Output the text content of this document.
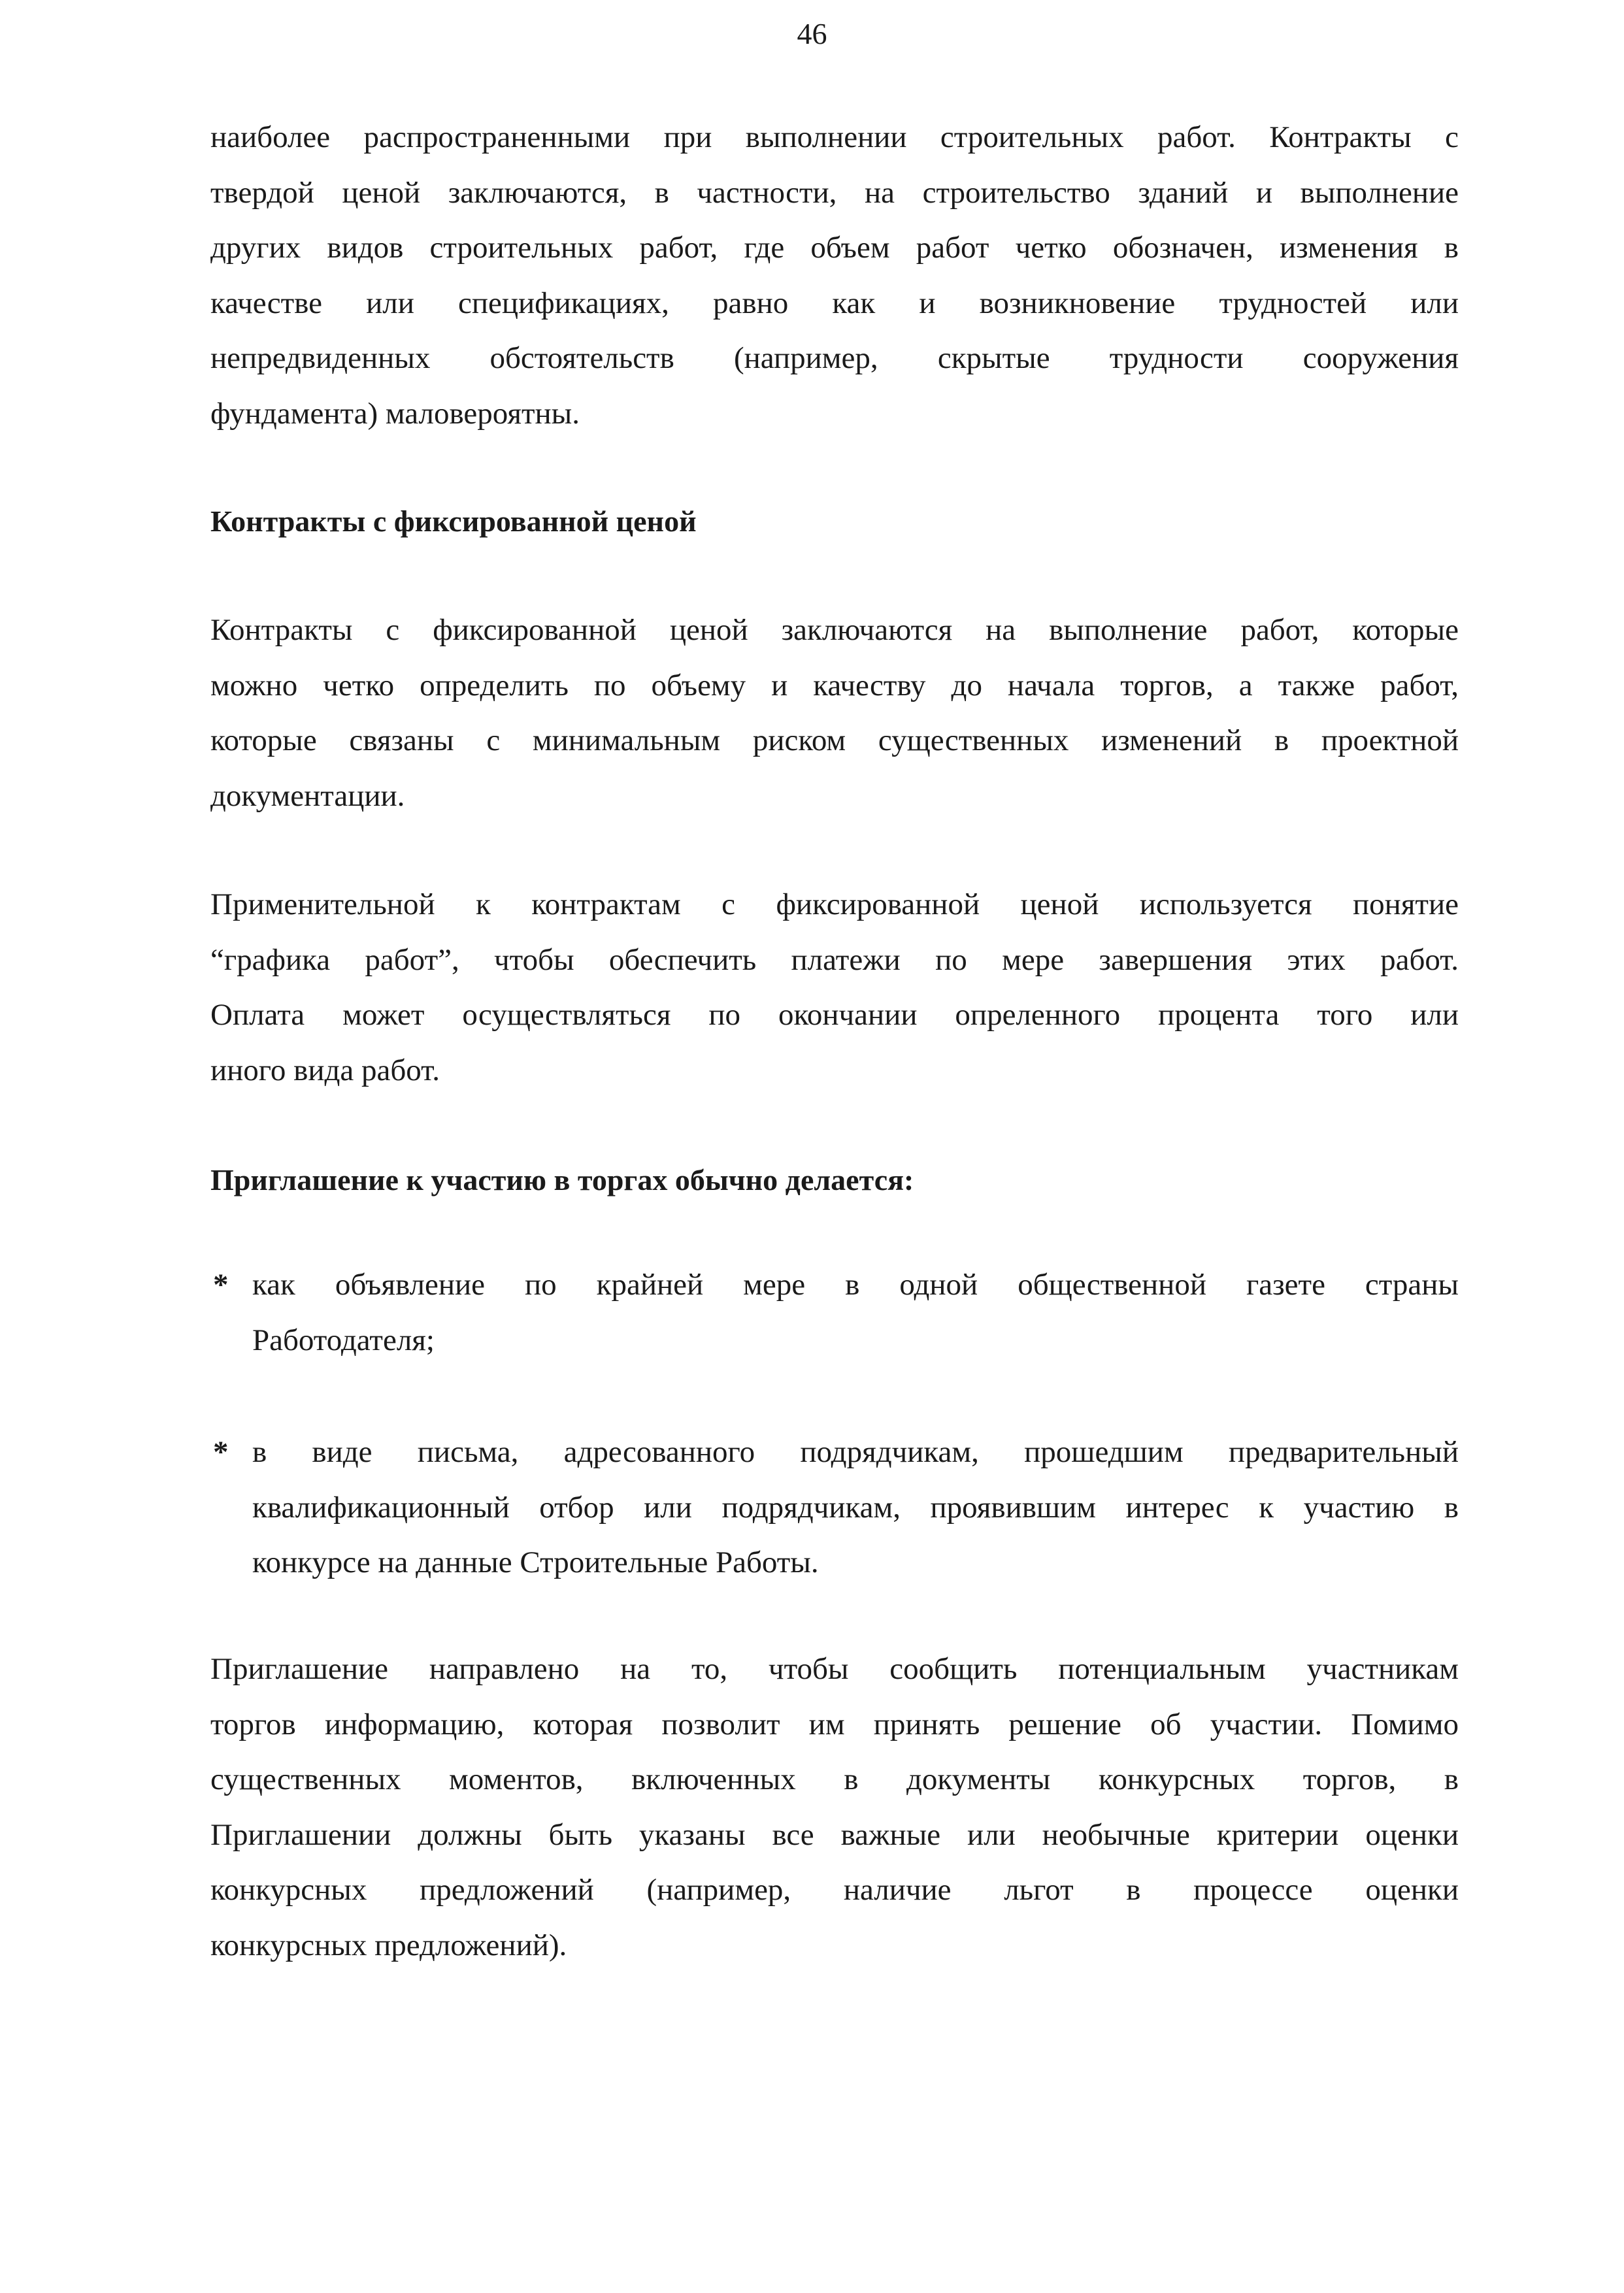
46
наиболее распространенными при выполнении строительных работ. Контракты с
твердой ценой заключаются, в частности, на строительство зданий и выполнение
других видов строительных работ, где объем работ четко обозначен, изменения в
качестве или спецификациях, равно как и возникновение трудностей или
непредвиденных обстоятельств (например, скрытые трудности сооружения
фундамента) маловероятны.
Контракты с фиксированной ценой
Контракты с фиксированной ценой заключаются на выполнение работ, которые
можно четко определить по объему и качеству до начала торгов, а также работ,
которые связаны с минимальным риском существенных изменений в проектной
документации.
Применительной к контрактам с фиксированной ценой используется понятие
“графика работ”, чтобы обеспечить платежи по мере завершения этих работ.
Оплата может осуществляться по окончании опреленного процента того или
иного вида работ.
Приглашение к участию в торгах обычно делается:
* как объявление по крайней мере в одной общественной газете страны
Работодателя;
* в виде письма, адресованного подрядчикам, прошедшим предварительный
квалификационный отбор или подрядчикам, проявившим интерес к участию в
конкурсе на данные Строительные Работы.
Приглашение направлено на то, чтобы сообщить потенциальным участникам
торгов информацию, которая позволит им принять решение об участии. Помимо
существенных моментов, включенных в документы конкурсных торгов, в
Приглашении должны быть указаны все важные или необычные критерии оценки
конкурсных предложений (например, наличие льгот в процессе оценки
конкурсных предложений).
